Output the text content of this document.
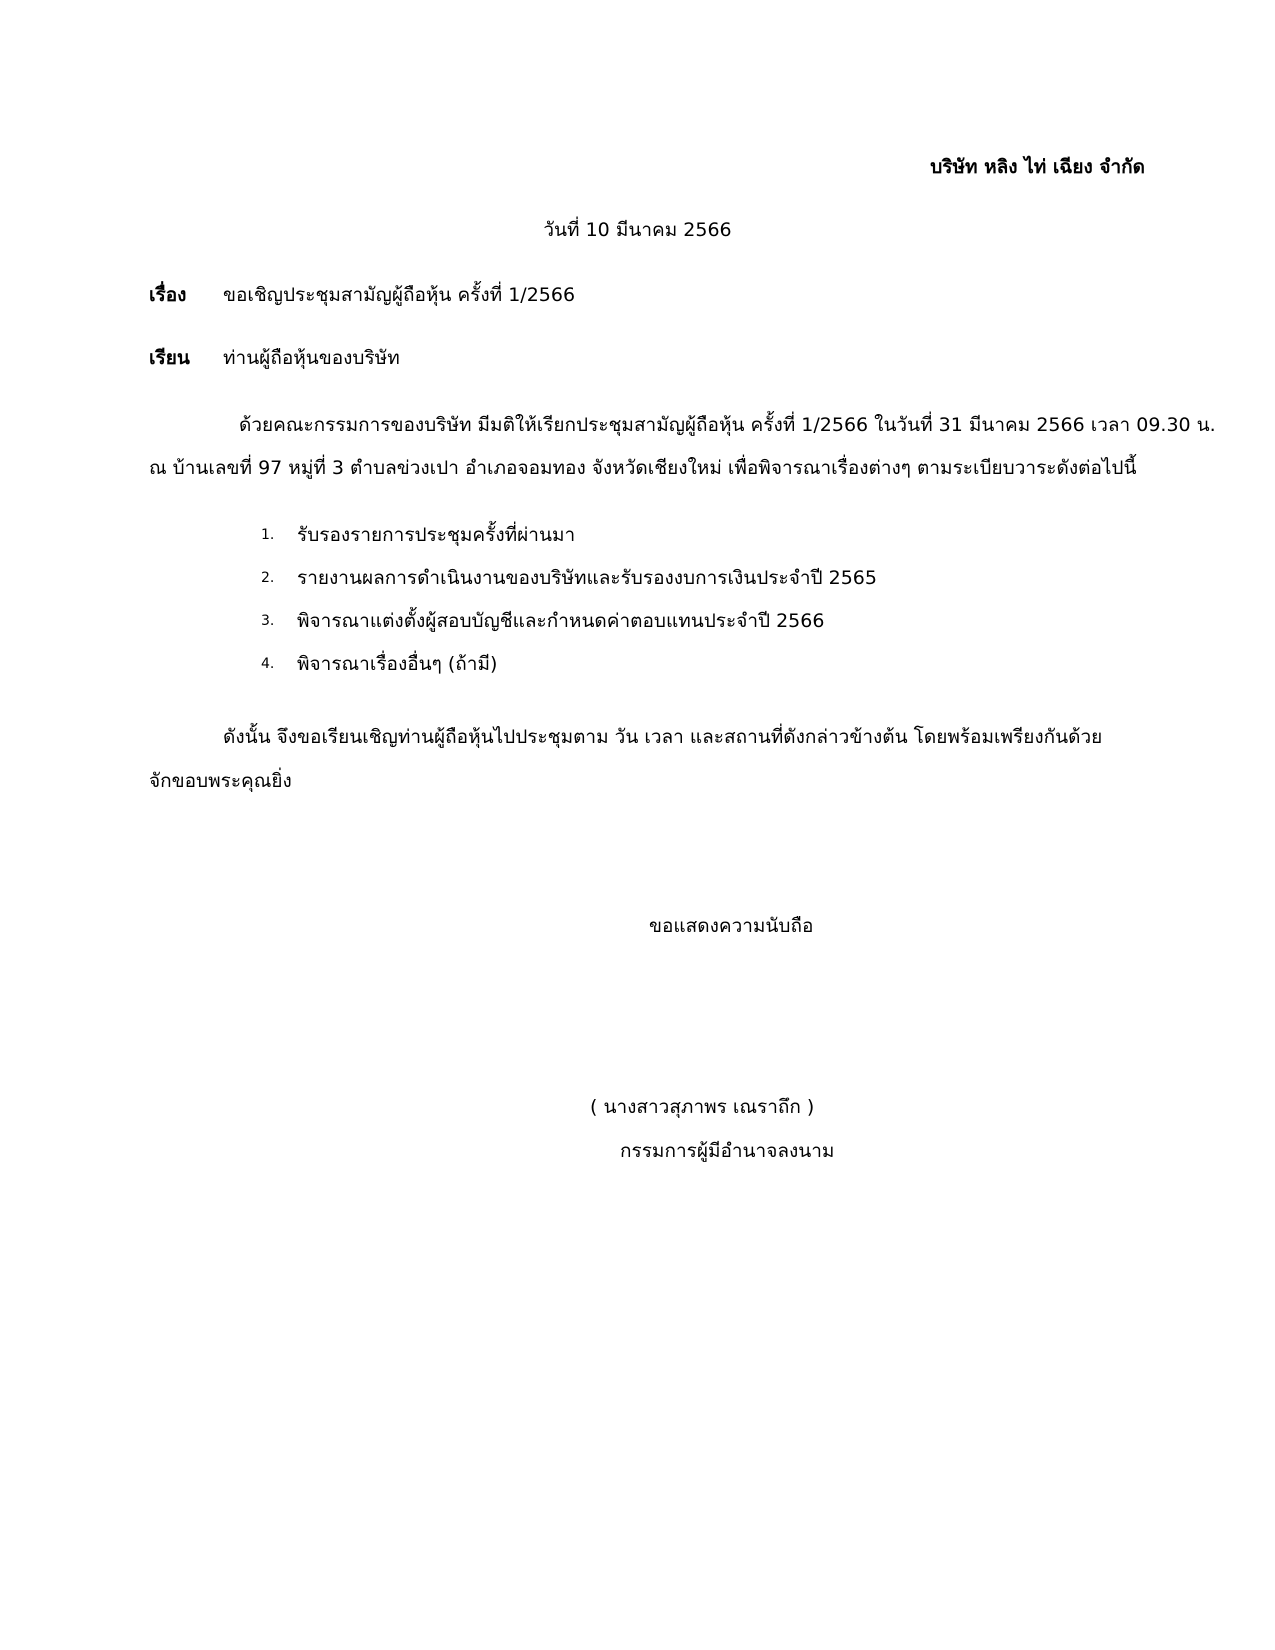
บริษัท หลิง ไท่ เฉียง จำกัด
วันที่ 10 มีนาคม 2566
เรื่อง ขอเชิญประชุมสามัญผู้ถือหุ้น ครั้งที่ 1/2566
เรียน ท่านผู้ถือหุ้นของบริษัท
ด้วยคณะกรรมการของบริษัท มีมติให้เรียกประชุมสามัญผู้ถือหุ้น ครั้งที่ 1/2566 ในวันที่ 31 มีนาคม 2566 เวลา 09.30 น.
ณ บ้านเลขที่ 97 หมู่ที่ 3 ตำบลข่วงเปา อำเภอจอมทอง จังหวัดเชียงใหม่ เพื่อพิจารณาเรื่องต่างๆ ตามระเบียบวาระดังต่อไปนี้
1. รับรองรายการประชุมครั้งที่ผ่านมา
2. รายงานผลการดำเนินงานของบริษัทและรับรองงบการเงินประจำปี 2565
3. พิจารณาแต่งตั้งผู้สอบบัญชีและกำหนดค่าตอบแทนประจำปี 2566
4. พิจารณาเรื่องอื่นๆ (ถ้ามี)
ดังนั้น จึงขอเรียนเชิญท่านผู้ถือหุ้นไปประชุมตาม วัน เวลา และสถานที่ดังกล่าวข้างต้น โดยพร้อมเพรียงกันด้วย
จักขอบพระคุณยิ่ง
ขอแสดงความนับถือ
( นางสาวสุภาพร เณราถึก )
กรรมการผู้มีอำนาจลงนาม
